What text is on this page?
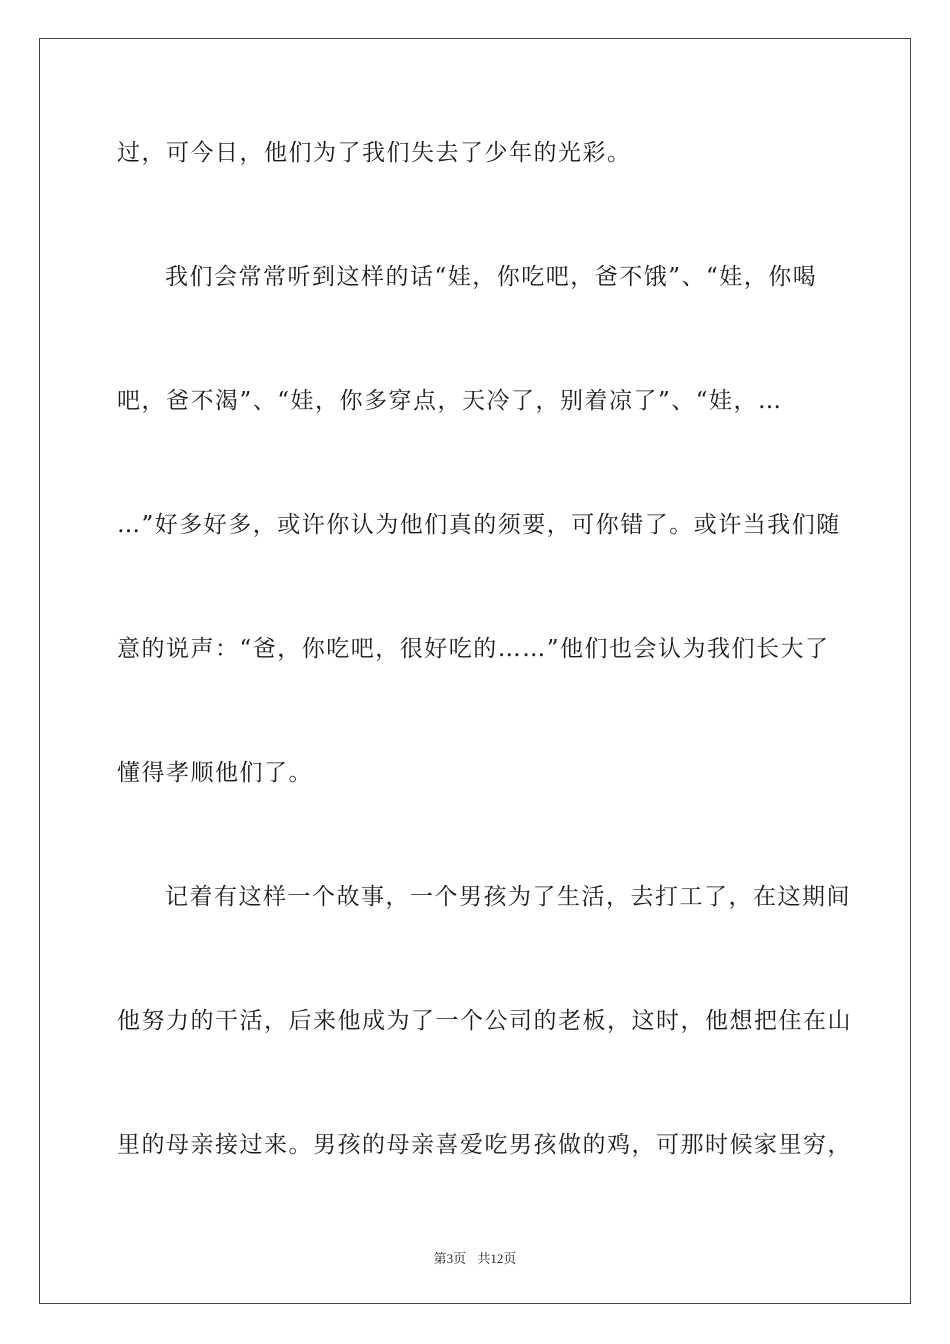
过，可今日，他们为了我们失去了少年的光彩。
我们会常常听到这样的话“娃，你吃吧，爸不饿”、“娃，你喝
吧，爸不渴”、“娃，你多穿点，天冷了，别着凉了”、“娃，…
…”好多好多，或许你认为他们真的须要，可你错了。或许当我们随
意的说声：“爸，你吃吧，很好吃的……”他们也会认为我们长大了
懂得孝顺他们了。
记着有这样一个故事，一个男孩为了生活，去打工了，在这期间
他努力的干活，后来他成为了一个公司的老板，这时，他想把住在山
里的母亲接过来。男孩的母亲喜爱吃男孩做的鸡，可那时候家里穷，
第3页 共12页
